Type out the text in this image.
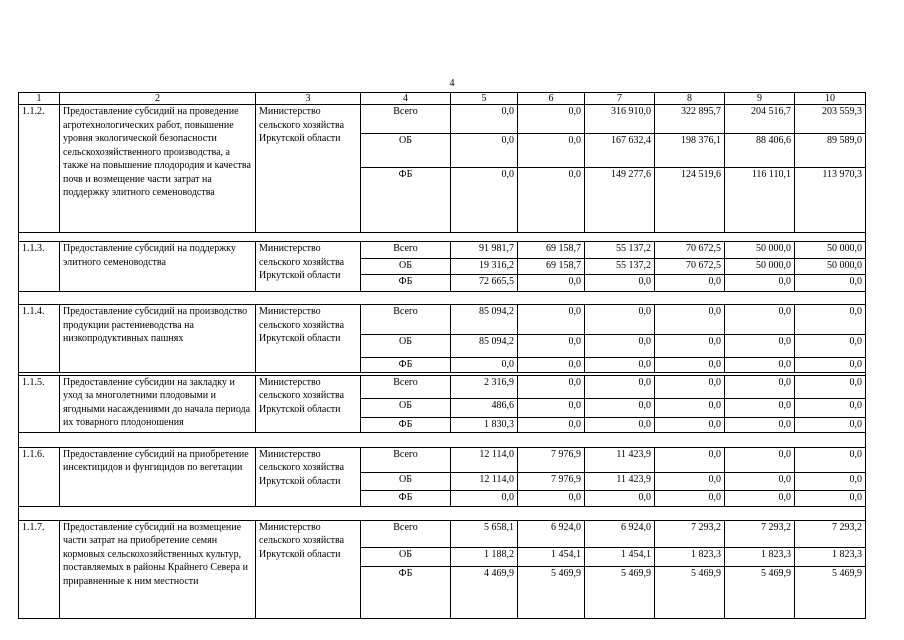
4
1	2	3	4	5	6	7	8	9	10
1.1.2.	Предоставление субсидий на проведение агротехнологических работ, повышение уровня экологической безопасности сельскохозяйственного производства, а также на повышение плодородия и качества почв и возмещение части затрат на поддержку элитного семеноводства	Министерство сельского хозяйства Иркутской области	Всего	0,0	0,0	316 910,0	322 895,7	204 516,7	203 559,3
			ОБ	0,0	0,0	167 632,4	198 376,1	88 406,6	89 589,0
			ФБ	0,0	0,0	149 277,6	124 519,6	116 110,1	113 970,3

1.1.3.	Предоставление субсидий на поддержку элитного семеноводства	Министерство сельского хозяйства Иркутской области	Всего	91 981,7	69 158,7	55 137,2	70 672,5	50 000,0	50 000,0
			ОБ	19 316,2	69 158,7	55 137,2	70 672,5	50 000,0	50 000,0
			ФБ	72 665,5	0,0	0,0	0,0	0,0	0,0

1.1.4.	Предоставление субсидий на производство продукции растениеводства на низкопродуктивных пашнях	Министерство сельского хозяйства Иркутской области	Всего	85 094,2	0,0	0,0	0,0	0,0	0,0
			ОБ	85 094,2	0,0	0,0	0,0	0,0	0,0
			ФБ	0,0	0,0	0,0	0,0	0,0	0,0

1.1.5.	Предоставление субсидии на закладку и уход за многолетними плодовыми и ягодными насаждениями до начала периода их товарного плодоношения	Министерство сельского хозяйства Иркутской области	Всего	2 316,9	0,0	0,0	0,0	0,0	0,0
			ОБ	486,6	0,0	0,0	0,0	0,0	0,0
			ФБ	1 830,3	0,0	0,0	0,0	0,0	0,0

1.1.6.	Предоставление субсидий на приобретение инсектицидов и фунгицидов по вегетации	Министерство сельского хозяйства Иркутской области	Всего	12 114,0	7 976,9	11 423,9	0,0	0,0	0,0
			ОБ	12 114,0	7 976,9	11 423,9	0,0	0,0	0,0
			ФБ	0,0	0,0	0,0	0,0	0,0	0,0

1.1.7.	Предоставление субсидий на возмещение части затрат на приобретение семян кормовых сельскохозяйственных культур, поставляемых в районы Крайнего Севера и приравненные к ним местности	Министерство сельского хозяйства Иркутской области	Всего	5 658,1	6 924,0	6 924,0	7 293,2	7 293,2	7 293,2
			ОБ	1 188,2	1 454,1	1 454,1	1 823,3	1 823,3	1 823,3
			ФБ	4 469,9	5 469,9	5 469,9	5 469,9	5 469,9	5 469,9
